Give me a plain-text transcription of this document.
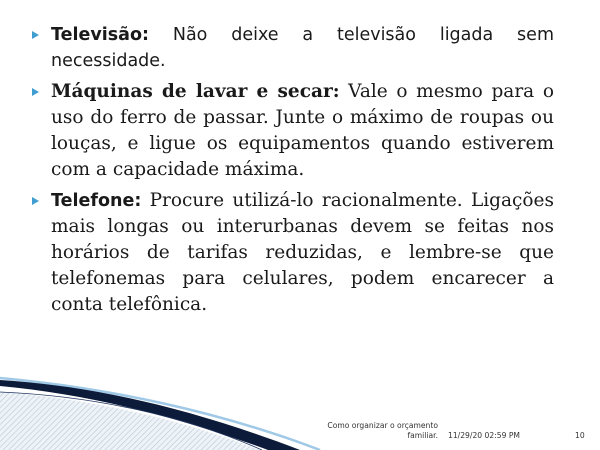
Televisão: Não deixe a televisão ligada sem necessidade.
Máquinas de lavar e secar: Vale o mesmo para o uso do ferro de passar. Junte o máximo de roupas ou louças, e ligue os equipamentos quando estiverem com a capacidade máxima.
Telefone: Procure utilizá-lo racionalmente. Ligações mais longas ou interurbanas devem se feitas nos horários de tarifas reduzidas, e lembre-se que telefonemas para celulares, podem encarecer a conta telefônica.
Como organizar o orçamento familiar. 11/29/20 02:59 PM	10
